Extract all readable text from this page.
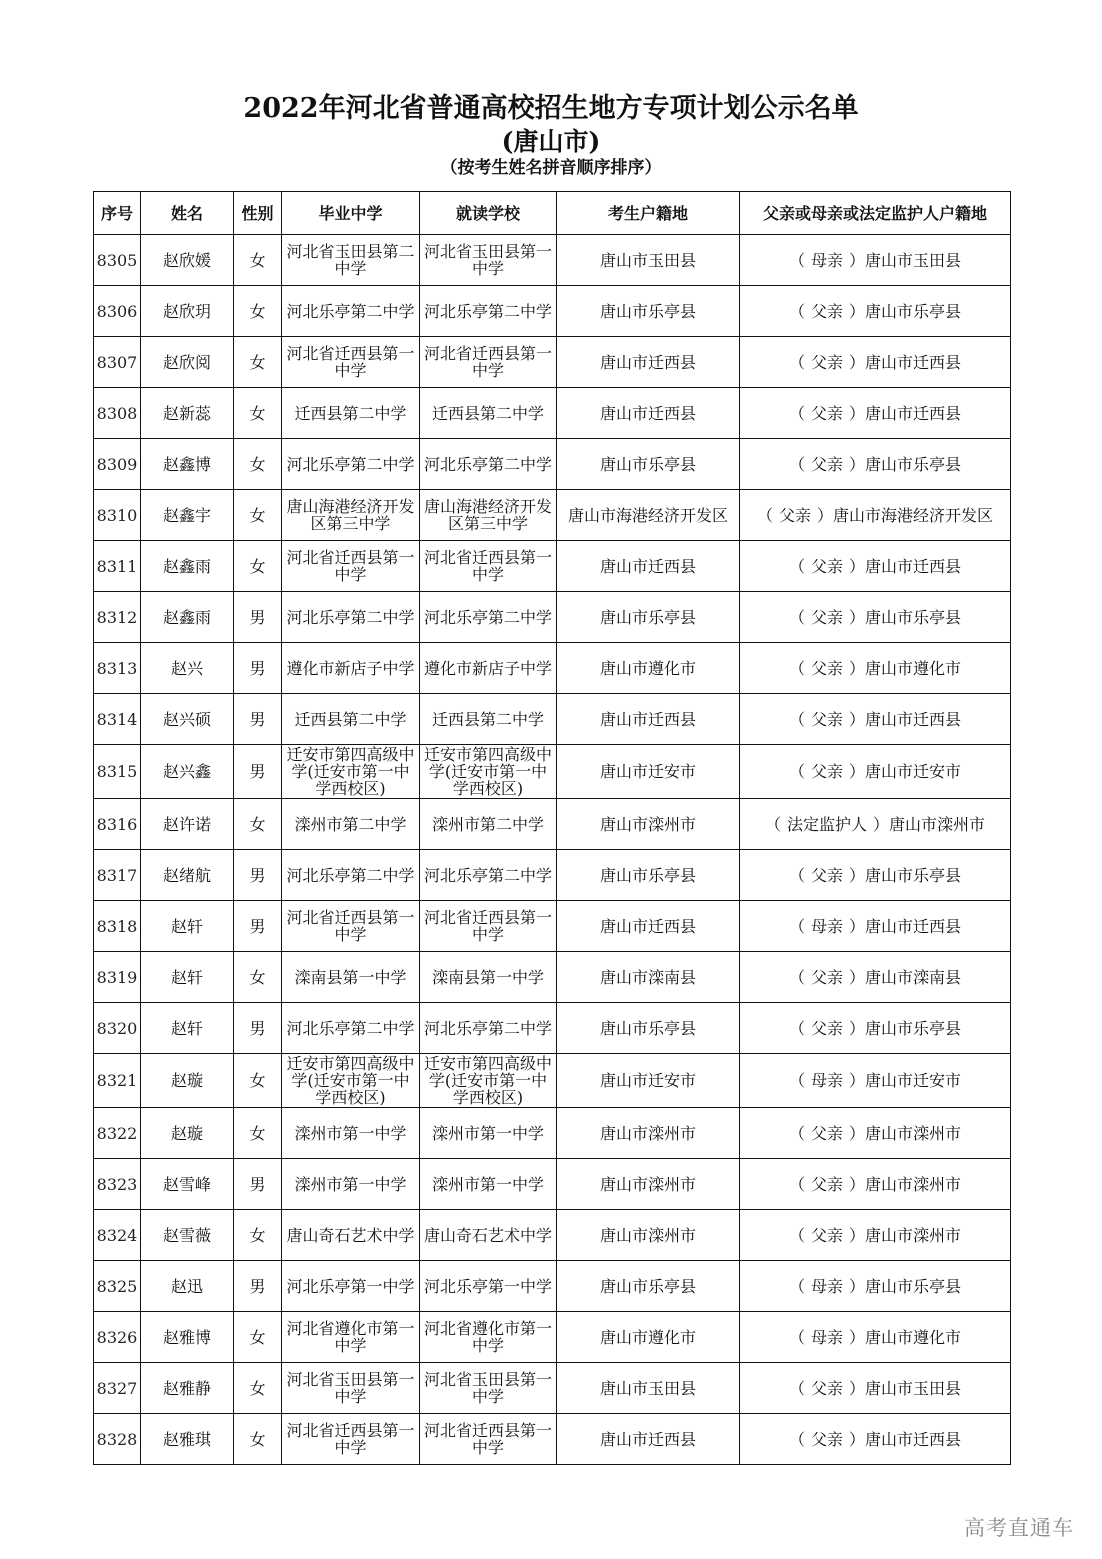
2022年河北省普通高校招生地方专项计划公示名单
(唐山市)
（按考生姓名拼音顺序排序）
序号	姓名	性别	毕业中学	就读学校	考生户籍地	父亲或母亲或法定监护人户籍地
8305	赵欣媛	女	河北省玉田县第二中学	河北省玉田县第一中学	唐山市玉田县	（ 母亲 ）唐山市玉田县
8306	赵欣玥	女	河北乐亭第二中学	河北乐亭第二中学	唐山市乐亭县	（ 父亲 ）唐山市乐亭县
8307	赵欣阅	女	河北省迁西县第一中学	河北省迁西县第一中学	唐山市迁西县	（ 父亲 ）唐山市迁西县
8308	赵新蕊	女	迁西县第二中学	迁西县第二中学	唐山市迁西县	（ 父亲 ）唐山市迁西县
8309	赵鑫博	女	河北乐亭第二中学	河北乐亭第二中学	唐山市乐亭县	（ 父亲 ）唐山市乐亭县
8310	赵鑫宇	女	唐山海港经济开发区第三中学	唐山海港经济开发区第三中学	唐山市海港经济开发区	（ 父亲 ）唐山市海港经济开发区
8311	赵鑫雨	女	河北省迁西县第一中学	河北省迁西县第一中学	唐山市迁西县	（ 父亲 ）唐山市迁西县
8312	赵鑫雨	男	河北乐亭第二中学	河北乐亭第二中学	唐山市乐亭县	（ 父亲 ）唐山市乐亭县
8313	赵兴	男	遵化市新店子中学	遵化市新店子中学	唐山市遵化市	（ 父亲 ）唐山市遵化市
8314	赵兴硕	男	迁西县第二中学	迁西县第二中学	唐山市迁西县	（ 父亲 ）唐山市迁西县
8315	赵兴鑫	男	迁安市第四高级中学(迁安市第一中学西校区)	迁安市第四高级中学(迁安市第一中学西校区)	唐山市迁安市	（ 父亲 ）唐山市迁安市
8316	赵许诺	女	滦州市第二中学	滦州市第二中学	唐山市滦州市	（ 法定监护人 ）唐山市滦州市
8317	赵绪航	男	河北乐亭第二中学	河北乐亭第二中学	唐山市乐亭县	（ 父亲 ）唐山市乐亭县
8318	赵轩	男	河北省迁西县第一中学	河北省迁西县第一中学	唐山市迁西县	（ 母亲 ）唐山市迁西县
8319	赵轩	女	滦南县第一中学	滦南县第一中学	唐山市滦南县	（ 父亲 ）唐山市滦南县
8320	赵轩	男	河北乐亭第二中学	河北乐亭第二中学	唐山市乐亭县	（ 父亲 ）唐山市乐亭县
8321	赵璇	女	迁安市第四高级中学(迁安市第一中学西校区)	迁安市第四高级中学(迁安市第一中学西校区)	唐山市迁安市	（ 母亲 ）唐山市迁安市
8322	赵璇	女	滦州市第一中学	滦州市第一中学	唐山市滦州市	（ 父亲 ）唐山市滦州市
8323	赵雪峰	男	滦州市第一中学	滦州市第一中学	唐山市滦州市	（ 父亲 ）唐山市滦州市
8324	赵雪薇	女	唐山奇石艺术中学	唐山奇石艺术中学	唐山市滦州市	（ 父亲 ）唐山市滦州市
8325	赵迅	男	河北乐亭第一中学	河北乐亭第一中学	唐山市乐亭县	（ 母亲 ）唐山市乐亭县
8326	赵雅博	女	河北省遵化市第一中学	河北省遵化市第一中学	唐山市遵化市	（ 母亲 ）唐山市遵化市
8327	赵雅静	女	河北省玉田县第一中学	河北省玉田县第一中学	唐山市玉田县	（ 父亲 ）唐山市玉田县
8328	赵雅琪	女	河北省迁西县第一中学	河北省迁西县第一中学	唐山市迁西县	（ 父亲 ）唐山市迁西县
高考直通车
